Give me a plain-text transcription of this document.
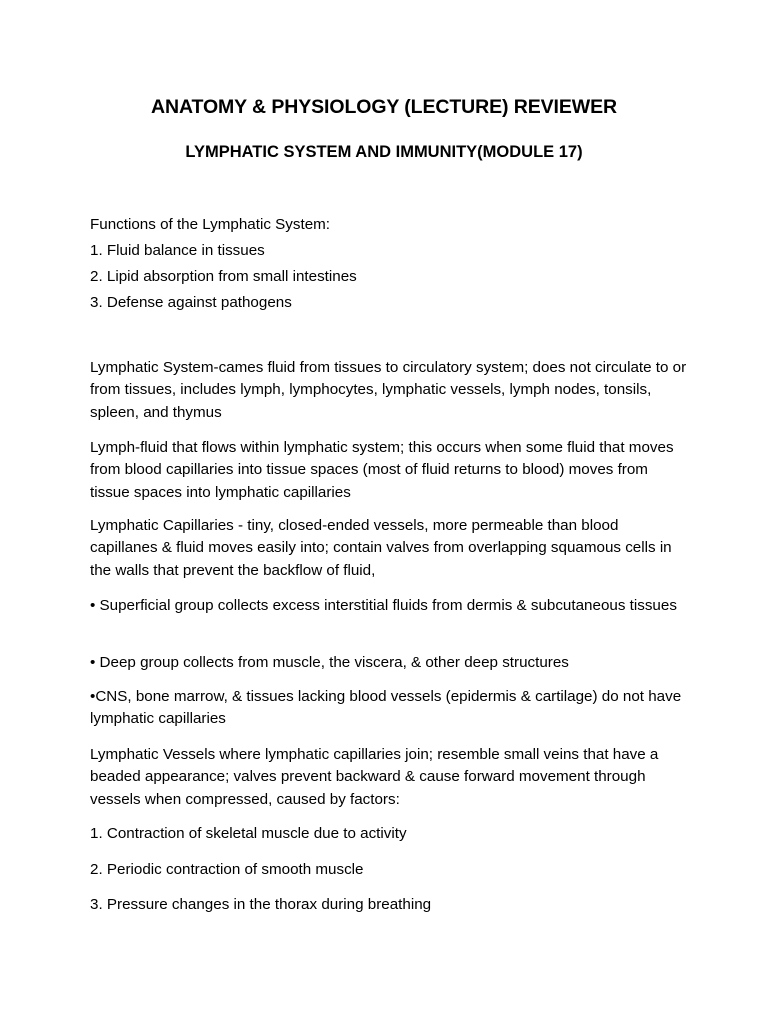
ANATOMY & PHYSIOLOGY (LECTURE) REVIEWER
LYMPHATIC SYSTEM AND IMMUNITY(MODULE 17)
Functions of the Lymphatic System:
1. Fluid balance in tissues
2. Lipid absorption from small intestines
3. Defense against pathogens

Lymphatic System-cames fluid from tissues to circulatory system; does not circulate to or from tissues, includes lymph, lymphocytes, lymphatic vessels, lymph nodes, tonsils, spleen, and thymus

Lymph-fluid that flows within lymphatic system; this occurs when some fluid that moves from blood capillaries into tissue spaces (most of fluid returns to blood) moves from tissue spaces into lymphatic capillaries

Lymphatic Capillaries - tiny, closed-ended vessels, more permeable than blood capillanes & fluid moves easily into; contain valves from overlapping squamous cells in the walls that prevent the backflow of fluid,

• Superficial group collects excess interstitial fluids from dermis & subcutaneous tissues

• Deep group collects from muscle, the viscera, & other deep structures

•CNS, bone marrow, & tissues lacking blood vessels (epidermis & cartilage) do not have lymphatic capillaries

Lymphatic Vessels where lymphatic capillaries join; resemble small veins that have a beaded appearance; valves prevent backward & cause forward movement through vessels when compressed, caused by factors:

1. Contraction of skeletal muscle due to activity

2. Periodic contraction of smooth muscle

3. Pressure changes in the thorax during breathing
